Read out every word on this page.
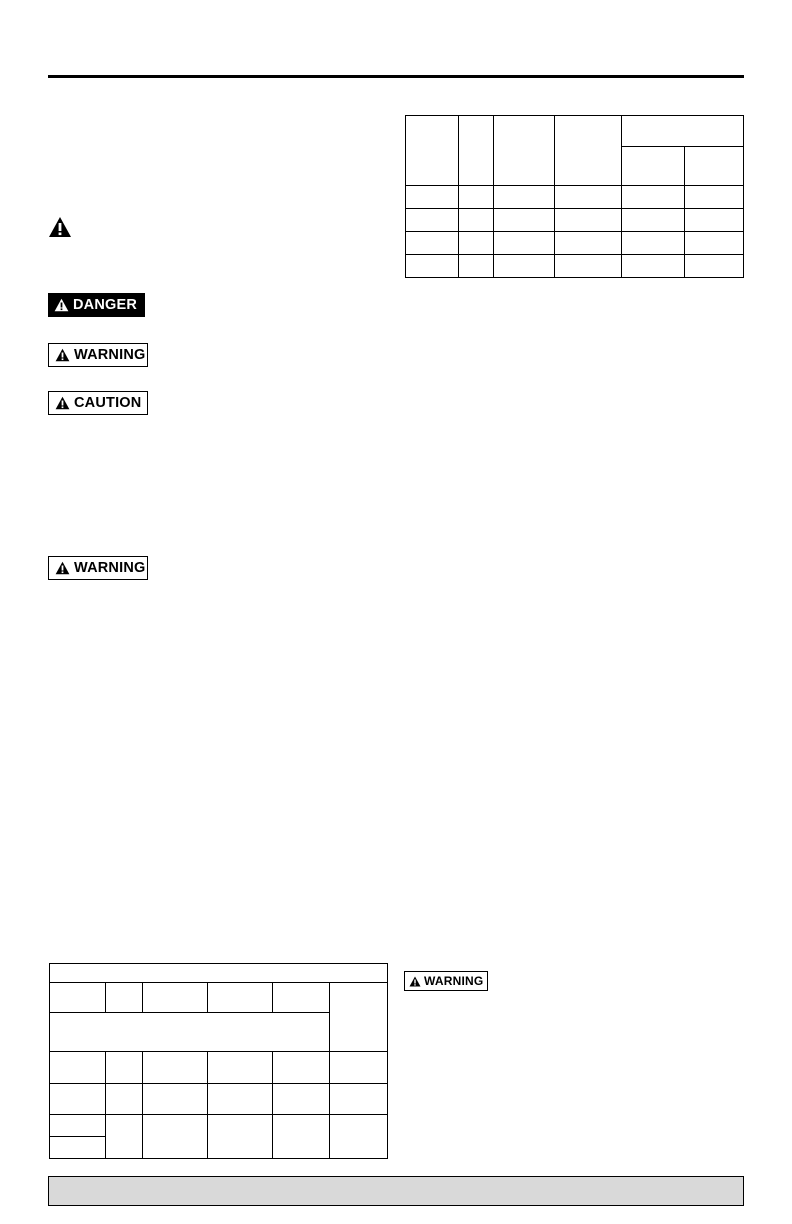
DANGER
WARNING
CAUTION
WARNING
WARNING
